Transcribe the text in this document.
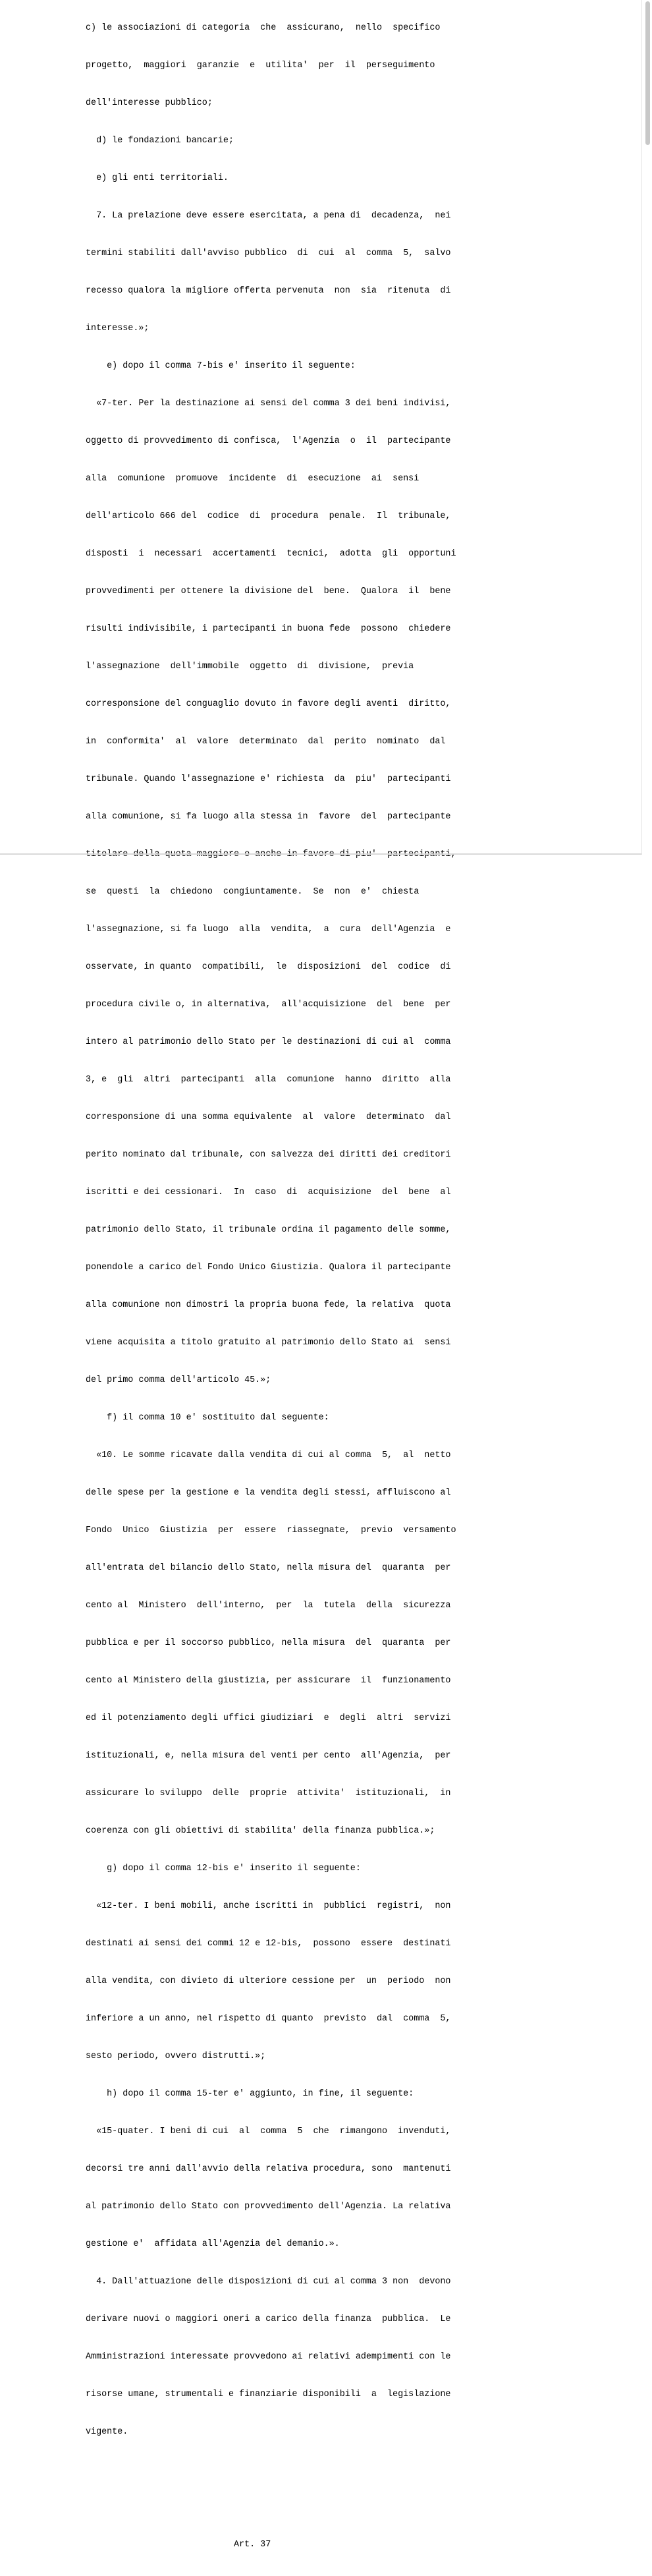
c) le associazioni di categoria  che  assicurano,  nello  specifico

progetto,  maggiori  garanzie  e  utilita'  per  il  perseguimento

dell'interesse pubblico;

d) le fondazioni bancarie;

e) gli enti territoriali.

7. La prelazione deve essere esercitata, a pena di  decadenza,  nei

termini stabiliti dall'avviso pubblico  di  cui  al  comma  5,  salvo

recesso qualora la migliore offerta pervenuta  non  sia  ritenuta  di

interesse.»;

e) dopo il comma 7-bis e' inserito il seguente:

«7-ter. Per la destinazione ai sensi del comma 3 dei beni indivisi,

oggetto di provvedimento di confisca,  l'Agenzia  o  il  partecipante

alla  comunione  promuove  incidente  di  esecuzione  ai  sensi

dell'articolo 666 del  codice  di  procedura  penale.  Il  tribunale,

disposti  i  necessari  accertamenti  tecnici,  adotta  gli  opportuni

provvedimenti per ottenere la divisione del  bene.  Qualora  il  bene

risulti indivisibile, i partecipanti in buona fede  possono  chiedere

l'assegnazione  dell'immobile  oggetto  di  divisione,  previa

corresponsione del conguaglio dovuto in favore degli aventi  diritto,

in  conformita'  al  valore  determinato  dal  perito  nominato  dal

tribunale. Quando l'assegnazione e' richiesta  da  piu'  partecipanti

alla comunione, si fa luogo alla stessa in  favore  del  partecipante

se  questi  la  chiedono  congiuntamente.  Se  non  e'  chiesta

l'assegnazione, si fa luogo  alla  vendita,  a  cura  dell'Agenzia  e

osservate, in quanto  compatibili,  le  disposizioni  del  codice  di

procedura civile o, in alternativa,  all'acquisizione  del  bene  per

intero al patrimonio dello Stato per le destinazioni di cui al  comma

3, e  gli  altri  partecipanti  alla  comunione  hanno  diritto  alla

corresponsione di una somma equivalente  al  valore  determinato  dal

perito nominato dal tribunale, con salvezza dei diritti dei creditori

iscritti e dei cessionari.  In  caso  di  acquisizione  del  bene  al

patrimonio dello Stato, il tribunale ordina il pagamento delle somme,

ponendole a carico del Fondo Unico Giustizia. Qualora il partecipante

alla comunione non dimostri la propria buona fede, la relativa  quota

viene acquisita a titolo gratuito al patrimonio dello Stato ai  sensi

del primo comma dell'articolo 45.»;

f) il comma 10 e' sostituito dal seguente:

«10. Le somme ricavate dalla vendita di cui al comma  5,  al  netto

delle spese per la gestione e la vendita degli stessi, affluiscono al

Fondo  Unico  Giustizia  per  essere  riassegnate,  previo  versamento

all'entrata del bilancio dello Stato, nella misura del  quaranta  per

cento al  Ministero  dell'interno,  per  la  tutela  della  sicurezza

pubblica e per il soccorso pubblico, nella misura  del  quaranta  per

cento al Ministero della giustizia, per assicurare  il  funzionamento

ed il potenziamento degli uffici giudiziari  e  degli  altri  servizi

istituzionali, e, nella misura del venti per cento  all'Agenzia,  per

assicurare lo sviluppo  delle  proprie  attivita'  istituzionali,  in

coerenza con gli obiettivi di stabilita' della finanza pubblica.»;

g) dopo il comma 12-bis e' inserito il seguente:

«12-ter. I beni mobili, anche iscritti in  pubblici  registri,  non

destinati ai sensi dei commi 12 e 12-bis,  possono  essere  destinati

alla vendita, con divieto di ulteriore cessione per  un  periodo  non

inferiore a un anno, nel rispetto di quanto  previsto  dal  comma  5,

sesto periodo, ovvero distrutti.»;

h) dopo il comma 15-ter e' aggiunto, in fine, il seguente:

«15-quater. I beni di cui  al  comma  5  che  rimangono  invenduti,

decorsi tre anni dall'avvio della relativa procedura, sono  mantenuti

al patrimonio dello Stato con provvedimento dell'Agenzia. La relativa

gestione e'  affidata all'Agenzia del demanio.».

4. Dall'attuazione delle disposizioni di cui al comma 3 non  devono

derivare nuovi o maggiori oneri a carico della finanza  pubblica.  Le

Amministrazioni interessate provvedono ai relativi adempimenti con le

risorse umane, strumentali e finanziarie disponibili  a  legislazione

vigente.

Art. 37
